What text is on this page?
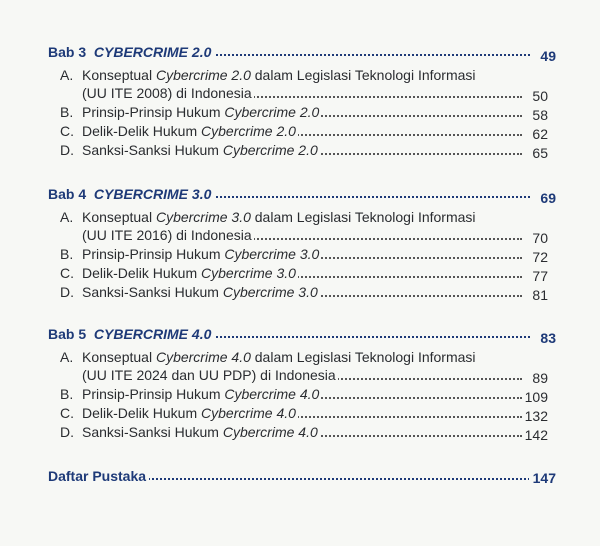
Bab 3 CYBERCRIME 2.0	49
A. Konseptual Cybercrime 2.0 dalam Legislasi Teknologi Informasi
(UU ITE 2008) di Indonesia	50
B. Prinsip-Prinsip Hukum Cybercrime 2.0	58
C. Delik-Delik Hukum Cybercrime 2.0	62
D. Sanksi-Sanksi Hukum Cybercrime 2.0	65
Bab 4 CYBERCRIME 3.0	69
A. Konseptual Cybercrime 3.0 dalam Legislasi Teknologi Informasi
(UU ITE 2016) di Indonesia	70
B. Prinsip-Prinsip Hukum Cybercrime 3.0	72
C. Delik-Delik Hukum Cybercrime 3.0	77
D. Sanksi-Sanksi Hukum Cybercrime 3.0	81
Bab 5 CYBERCRIME 4.0	83
A. Konseptual Cybercrime 4.0 dalam Legislasi Teknologi Informasi
(UU ITE 2024 dan UU PDP) di Indonesia	89
B. Prinsip-Prinsip Hukum Cybercrime 4.0	109
C. Delik-Delik Hukum Cybercrime 4.0	132
D. Sanksi-Sanksi Hukum Cybercrime 4.0	142
Daftar Pustaka	147
